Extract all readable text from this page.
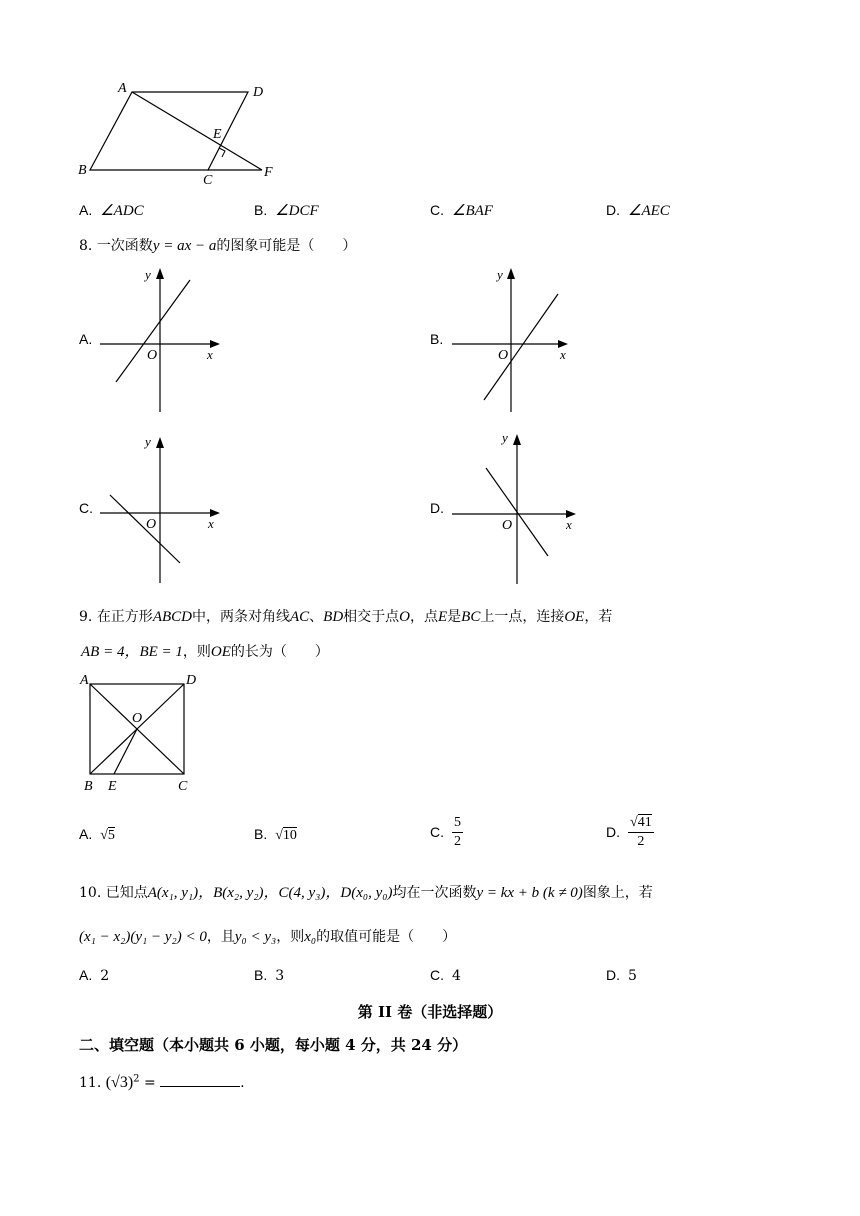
A	D
E
B
C
F
A. ∠ADC	B. ∠DCF	C. ∠BAF	D. ∠AEC
8. 一次函数y = ax − a的图象可能是（　　）
A.
y
x
O
B.
y
x
O
C.
y
x
O
D.
y
x
O
9. 在正方形ABCD中，两条对角线AC、BD相交于点O，点E是BC上一点，连接OE，若
AB = 4，BE = 1，则OE的长为（　　）
A	D
O
B E	C
A. √5	B. √10	C. $\frac{5}{2}$	D. $\frac{√41}{2}$
10. 已知点A(x₁, y₁)，B(x₂, y₂)，C(4, y₃)，D(x₀, y₀)均在一次函数y = kx + b (k ≠ 0)图象上，若
(x₁ − x₂)(y₁ − y₂) < 0，且y₀ < y₃，则x₀的取值可能是（　　）
A. 2	B. 3	C. 4	D. 5
第 II 卷（非选择题）
二、填空题（本小题共 6 小题，每小题 4 分，共 24 分）
11. $(√3)^2$ =	.
